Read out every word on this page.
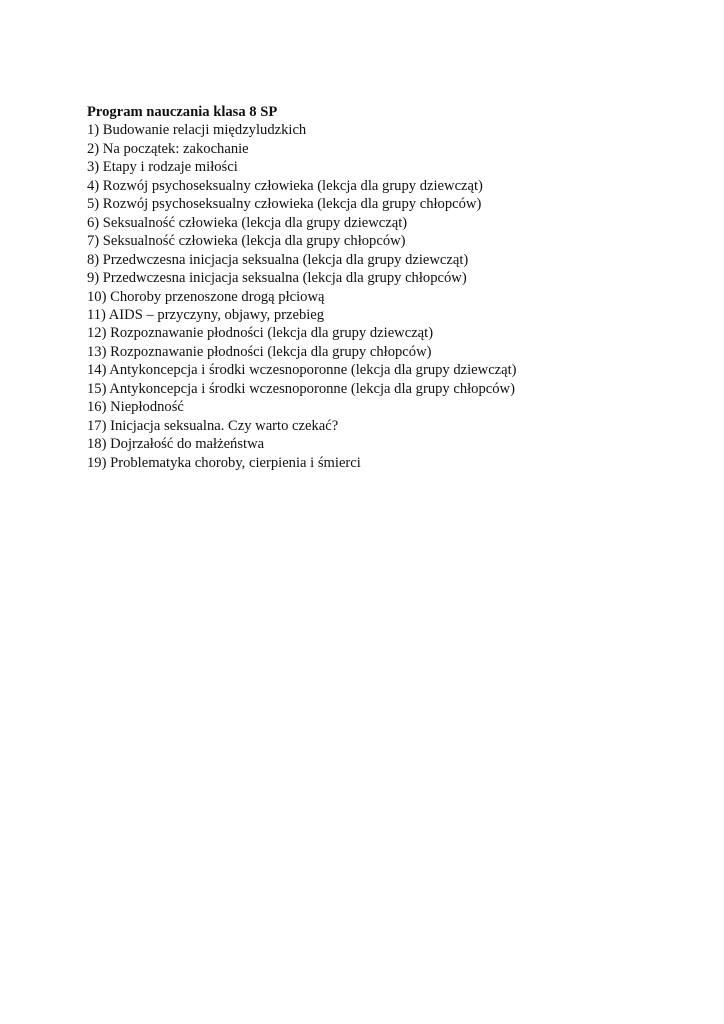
Program nauczania klasa 8 SP
1) Budowanie relacji międzyludzkich
2) Na początek: zakochanie
3) Etapy i rodzaje miłości
4) Rozwój psychoseksualny człowieka (lekcja dla grupy dziewcząt)
5) Rozwój psychoseksualny człowieka (lekcja dla grupy chłopców)
6) Seksualność człowieka (lekcja dla grupy dziewcząt)
7) Seksualność człowieka (lekcja dla grupy chłopców)
8) Przedwczesna inicjacja seksualna (lekcja dla grupy dziewcząt)
9) Przedwczesna inicjacja seksualna (lekcja dla grupy chłopców)
10) Choroby przenoszone drogą płciową
11) AIDS – przyczyny, objawy, przebieg
12) Rozpoznawanie płodności (lekcja dla grupy dziewcząt)
13) Rozpoznawanie płodności (lekcja dla grupy chłopców)
14) Antykoncepcja i środki wczesnoporonne (lekcja dla grupy dziewcząt)
15) Antykoncepcja i środki wczesnoporonne (lekcja dla grupy chłopców)
16) Niepłodność
17) Inicjacja seksualna. Czy warto czekać?
18) Dojrzałość do małżeństwa
19) Problematyka choroby, cierpienia i śmierci
